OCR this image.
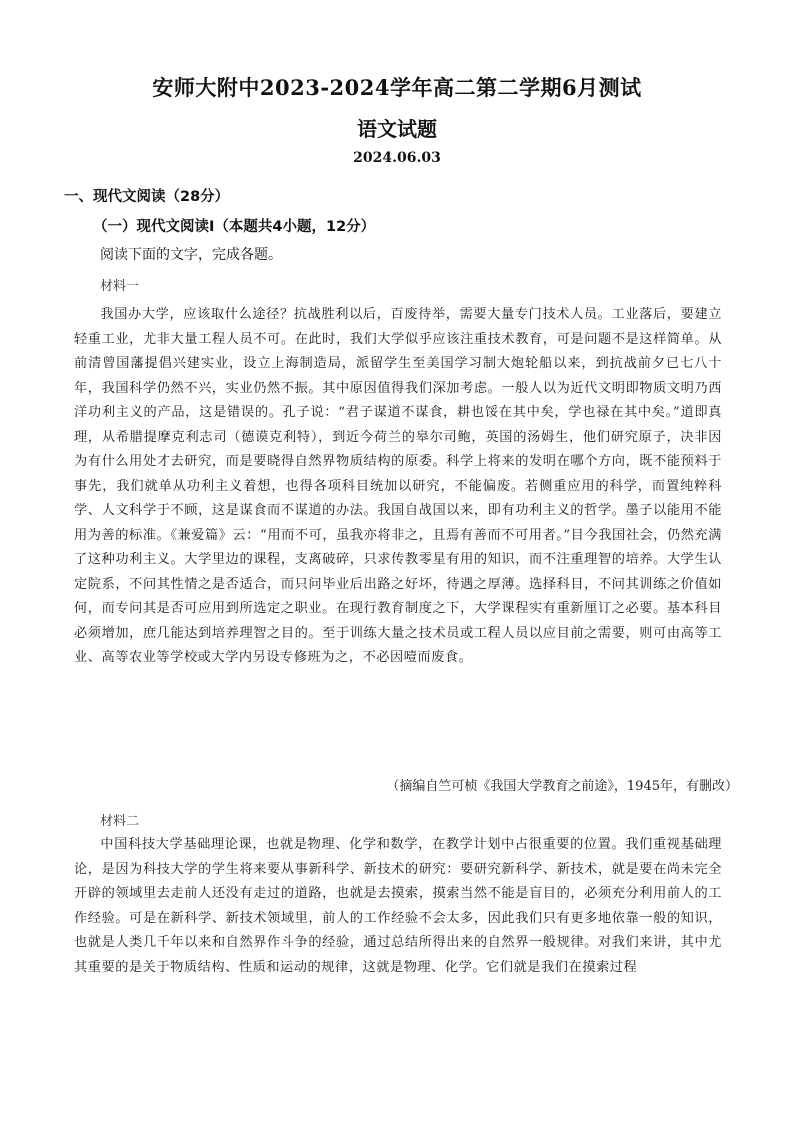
安师大附中2023-2024学年高二第二学期6月测试
语文试题
2024.06.03
一、现代文阅读（28分）
（一）现代文阅读Ⅰ（本题共4小题，12分）
阅读下面的文字，完成各题。
材料一

我国办大学，应该取什么途径？抗战胜利以后，百废待举，需要大量专门技术人员。工业落后，要建立轻重工业，尤非大量工程人员不可。在此时，我们大学似乎应该注重技术教育，可是问题不是这样简单。从前清曾国藩提倡兴建实业，设立上海制造局，派留学生至美国学习制大炮轮船以来，到抗战前夕已七八十年，我国科学仍然不兴，实业仍然不振。其中原因值得我们深加考虑。一般人以为近代文明即物质文明乃西洋功利主义的产品，这是错误的。孔子说：“君子谋道不谋食，耕也馁在其中矣，学也禄在其中矣。”道即真理，从希腊提摩克利志司（德谟克利特），到近今荷兰的皋尔司鲍，英国的汤姆生，他们研究原子，决非因为有什么用处才去研究，而是要晓得自然界物质结构的原委。科学上将来的发明在哪个方向，既不能预料于事先，我们就单从功利主义着想，也得各项科目统加以研究，不能偏废。若侧重应用的科学，而置纯粹科学、人文科学于不顾，这是谋食而不谋道的办法。我国自战国以来，即有功利主义的哲学。墨子以能用不能用为善的标准。《兼爱篇》云：“用而不可，虽我亦将非之，且焉有善而不可用者。”目今我国社会，仍然充满了这种功利主义。大学里边的课程，支离破碎，只求传教零星有用的知识，而不注重理智的培养。大学生认定院系，不问其性情之是否适合，而只问毕业后出路之好坏，待遇之厚薄。选择科目，不问其训练之价值如何，而专问其是否可应用到所选定之职业。在现行教育制度之下，大学课程实有重新厘订之必要。基本科目必须增加，庶几能达到培养理智之目的。至于训练大量之技术员或工程人员以应目前之需要，则可由高等工业、高等农业等学校或大学内另设专修班为之，不必因噎而废食。

（摘编自竺可桢《我国大学教育之前途》，1945年，有删改）
材料二

中国科技大学基础理论课，也就是物理、化学和数学，在教学计划中占很重要的位置。我们重视基础理论，是因为科技大学的学生将来要从事新科学、新技术的研究：要研究新科学、新技术，就是要在尚未完全开辟的领域里去走前人还没有走过的道路，也就是去摸索，摸索当然不能是盲目的，必须充分利用前人的工作经验。可是在新科学、新技术领域里，前人的工作经验不会太多，因此我们只有更多地依靠一般的知识，也就是人类几千年以来和自然界作斗争的经验，通过总结所得出来的自然界一般规律。对我们来讲，其中尤其重要的是关于物质结构、性质和运动的规律，这就是物理、化学。它们就是我们在摸索过程
